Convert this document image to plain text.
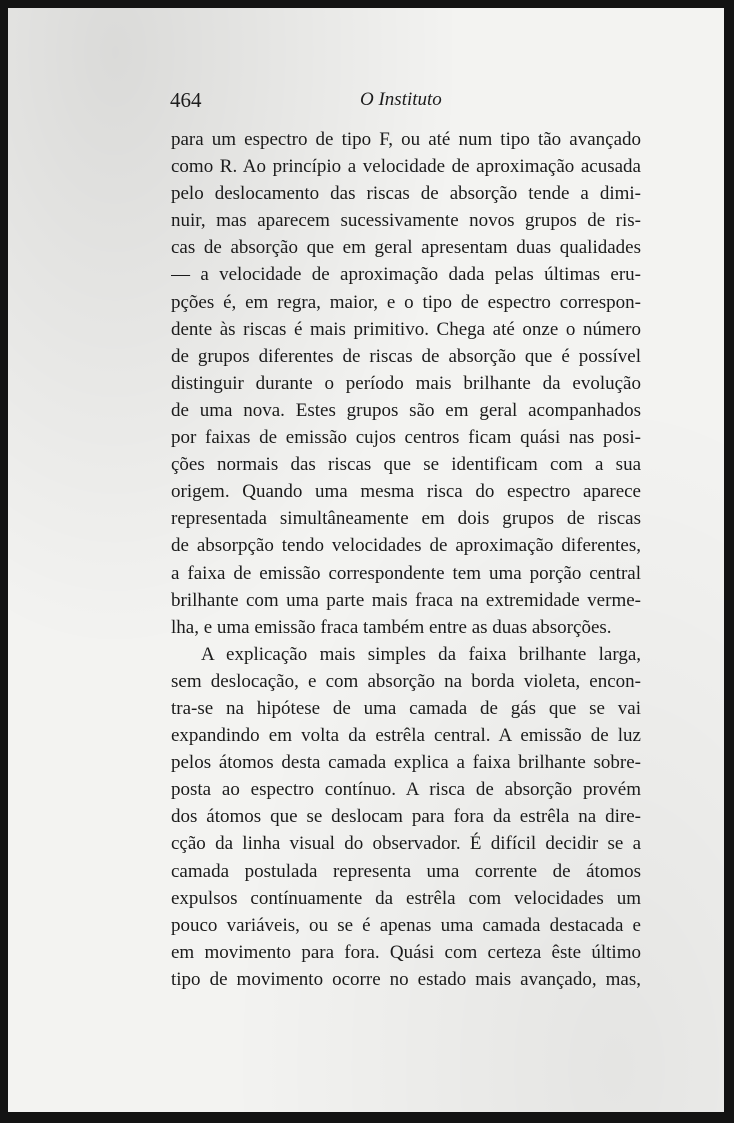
464	O Instituto
para um espectro de tipo F, ou até num tipo tão avançado
como R. Ao princípio a velocidade de aproximação acusada
pelo deslocamento das riscas de absorção tende a dimi-
nuir, mas aparecem sucessivamente novos grupos de ris-
cas de absorção que em geral apresentam duas qualidades
— a velocidade de aproximação dada pelas últimas eru-
pções é, em regra, maior, e o tipo de espectro correspon-
dente às riscas é mais primitivo. Chega até onze o número
de grupos diferentes de riscas de absorção que é possível
distinguir durante o período mais brilhante da evolução
de uma nova. Estes grupos são em geral acompanhados
por faixas de emissão cujos centros ficam quási nas posi-
ções normais das riscas que se identificam com a sua
origem. Quando uma mesma risca do espectro aparece
representada simultâneamente em dois grupos de riscas
de absorpção tendo velocidades de aproximação diferentes,
a faixa de emissão correspondente tem uma porção central
brilhante com uma parte mais fraca na extremidade verme-
lha, e uma emissão fraca também entre as duas absorções.
A explicação mais simples da faixa brilhante larga,
sem deslocação, e com absorção na borda violeta, encon-
tra-se na hipótese de uma camada de gás que se vai
expandindo em volta da estrêla central. A emissão de luz
pelos átomos desta camada explica a faixa brilhante sobre-
posta ao espectro contínuo. A risca de absorção provém
dos átomos que se deslocam para fora da estrêla na dire-
cção da linha visual do observador. É difícil decidir se a
camada postulada representa uma corrente de átomos
expulsos contínuamente da estrêla com velocidades um
pouco variáveis, ou se é apenas uma camada destacada e
em movimento para fora. Quási com certeza êste último
tipo de movimento ocorre no estado mais avançado, mas,
